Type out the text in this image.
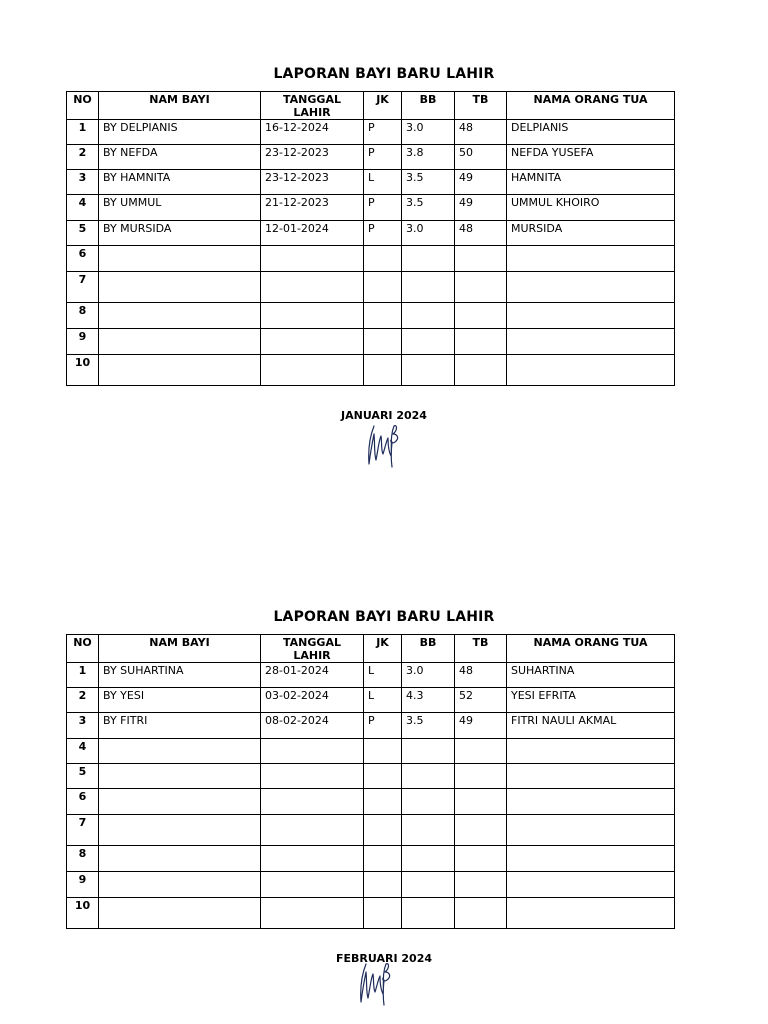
LAPORAN BAYI BARU LAHIR
NO	NAM BAYI	TANGGAL LAHIR	JK	BB	TB	NAMA ORANG TUA
1	BY DELPIANIS	16-12-2024	P	3.0	48	DELPIANIS
2	BY NEFDA	23-12-2023	P	3.8	50	NEFDA YUSEFA
3	BY HAMNITA	23-12-2023	L	3.5	49	HAMNITA
4	BY UMMUL	21-12-2023	P	3.5	49	UMMUL KHOIRO
5	BY MURSIDA	12-01-2024	P	3.0	48	MURSIDA
6						
7						
8						
9						
10						
JANUARI 2024
LAPORAN BAYI BARU LAHIR
NO	NAM BAYI	TANGGAL LAHIR	JK	BB	TB	NAMA ORANG TUA
1	BY SUHARTINA	28-01-2024	L	3.0	48	SUHARTINA
2	BY YESI	03-02-2024	L	4.3	52	YESI EFRITA
3	BY FITRI	08-02-2024	P	3.5	49	FITRI NAULI AKMAL
4						
5						
6						
7						
8						
9						
10						
FEBRUARI 2024
